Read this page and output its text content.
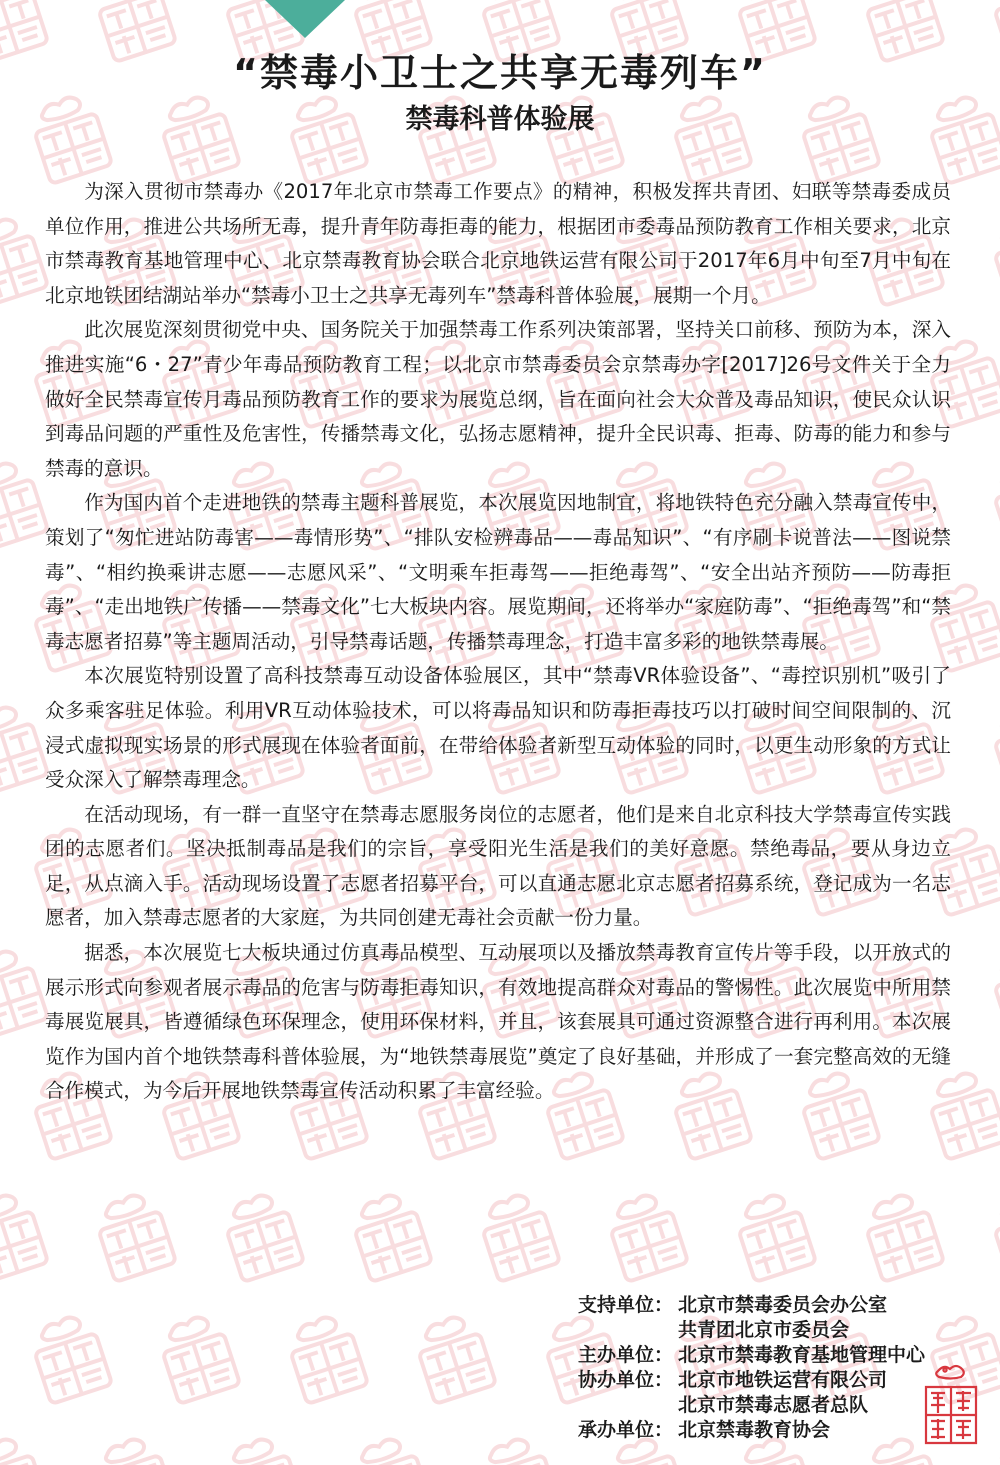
“禁毒小卫士之共享无毒列车”
禁毒科普体验展

为深入贯彻市禁毒办《2017年北京市禁毒工作要点》的精神，积极发挥共青团、妇联等禁毒委成员单位作用，推进公共场所无毒，提升青年防毒拒毒的能力，根据团市委毒品预防教育工作相关要求，北京市禁毒教育基地管理中心、北京禁毒教育协会联合北京地铁运营有限公司于2017年6月中旬至7月中旬在北京地铁团结湖站举办“禁毒小卫士之共享无毒列车”禁毒科普体验展，展期一个月。

此次展览深刻贯彻党中央、国务院关于加强禁毒工作系列决策部署，坚持关口前移、预防为本，深入推进实施“6・27”青少年毒品预防教育工程；以北京市禁毒委员会京禁毒办字[2017]26号文件关于全力做好全民禁毒宣传月毒品预防教育工作的要求为展览总纲，旨在面向社会大众普及毒品知识，使民众认识到毒品问题的严重性及危害性，传播禁毒文化，弘扬志愿精神，提升全民识毒、拒毒、防毒的能力和参与禁毒的意识。

作为国内首个走进地铁的禁毒主题科普展览，本次展览因地制宜，将地铁特色充分融入禁毒宣传中，策划了“匆忙进站防毒害——毒情形势”、“排队安检辨毒品——毒品知识”、“有序刷卡说普法——图说禁毒”、“相约换乘讲志愿——志愿风采”、“文明乘车拒毒驾——拒绝毒驾”、“安全出站齐预防——防毒拒毒”、“走出地铁广传播——禁毒文化”七大板块内容。展览期间，还将举办“家庭防毒”、“拒绝毒驾”和“禁毒志愿者招募”等主题周活动，引导禁毒话题，传播禁毒理念，打造丰富多彩的地铁禁毒展。

本次展览特别设置了高科技禁毒互动设备体验展区，其中“禁毒VR体验设备”、“毒控识别机”吸引了众多乘客驻足体验。利用VR互动体验技术，可以将毒品知识和防毒拒毒技巧以打破时间空间限制的、沉浸式虚拟现实场景的形式展现在体验者面前，在带给体验者新型互动体验的同时，以更生动形象的方式让受众深入了解禁毒理念。

在活动现场，有一群一直坚守在禁毒志愿服务岗位的志愿者，他们是来自北京科技大学禁毒宣传实践团的志愿者们。坚决抵制毒品是我们的宗旨，享受阳光生活是我们的美好意愿。禁绝毒品，要从身边立足，从点滴入手。活动现场设置了志愿者招募平台，可以直通志愿北京志愿者招募系统，登记成为一名志愿者，加入禁毒志愿者的大家庭，为共同创建无毒社会贡献一份力量。

据悉，本次展览七大板块通过仿真毒品模型、互动展项以及播放禁毒教育宣传片等手段，以开放式的展示形式向参观者展示毒品的危害与防毒拒毒知识，有效地提高群众对毒品的警惕性。此次展览中所用禁毒展览展具，皆遵循绿色环保理念，使用环保材料，并且，该套展具可通过资源整合进行再利用。本次展览作为国内首个地铁禁毒科普体验展，为“地铁禁毒展览”奠定了良好基础，并形成了一套完整高效的无缝合作模式，为今后开展地铁禁毒宣传活动积累了丰富经验。

支持单位： 北京市禁毒委员会办公室
共青团北京市委员会
主办单位： 北京市禁毒教育基地管理中心
协办单位： 北京市地铁运营有限公司
北京市禁毒志愿者总队
承办单位： 北京禁毒教育协会
